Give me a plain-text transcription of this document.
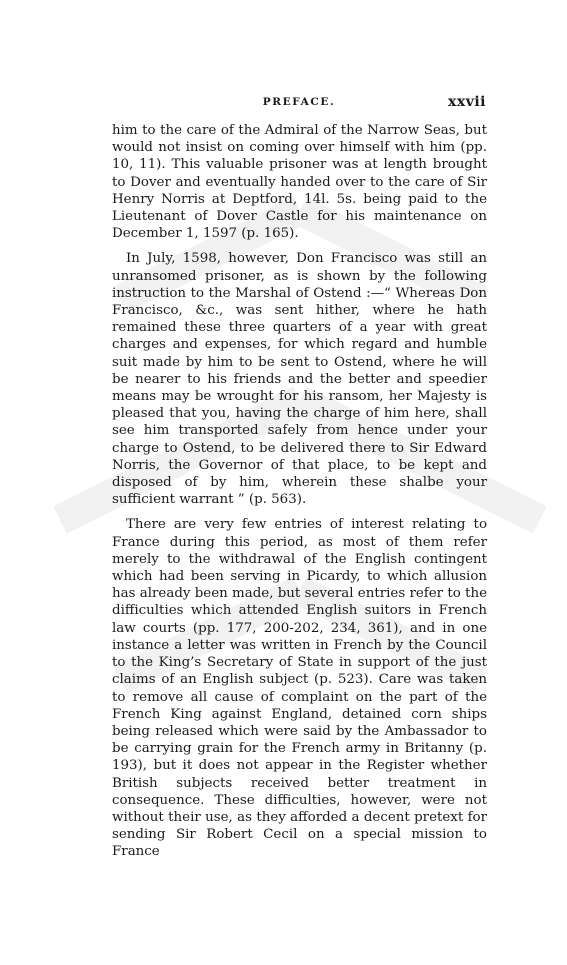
PREFACE.	xxvii

him to the care of the Admiral of the Narrow Seas, but would not insist on coming over himself with him (pp. 10, 11). This valuable prisoner was at length brought to Dover and eventually handed over to the care of Sir Henry Norris at Deptford, 14l. 5s. being paid to the Lieutenant of Dover Castle for his maintenance on December 1, 1597 (p. 165).

In July, 1598, however, Don Francisco was still an unransomed prisoner, as is shown by the following instruction to the Marshal of Ostend :—“ Whereas Don Francisco, &c., was sent hither, where he hath remained these three quarters of a year with great charges and expenses, for which regard and humble suit made by him to be sent to Ostend, where he will be nearer to his friends and the better and speedier means may be wrought for his ransom, her Majesty is pleased that you, having the charge of him here, shall see him transported safely from hence under your charge to Ostend, to be delivered there to Sir Edward Norris, the Governor of that place, to be kept and disposed of by him, wherein these shalbe your sufficient warrant ” (p. 563).

There are very few entries of interest relating to France during this period, as most of them refer merely to the withdrawal of the English contingent which had been serving in Picardy, to which allusion has already been made, but several entries refer to the difficulties which attended English suitors in French law courts (pp. 177, 200-202, 234, 361), and in one instance a letter was written in French by the Council to the King’s Secretary of State in support of the just claims of an English subject (p. 523). Care was taken to remove all cause of complaint on the part of the French King against England, detained corn ships being released which were said by the Ambassador to be carrying grain for the French army in Britanny (p. 193), but it does not appear in the Register whether British subjects received better treatment in consequence. These difficulties, however, were not without their use, as they afforded a decent pretext for sending Sir Robert Cecil on a special mission to France
